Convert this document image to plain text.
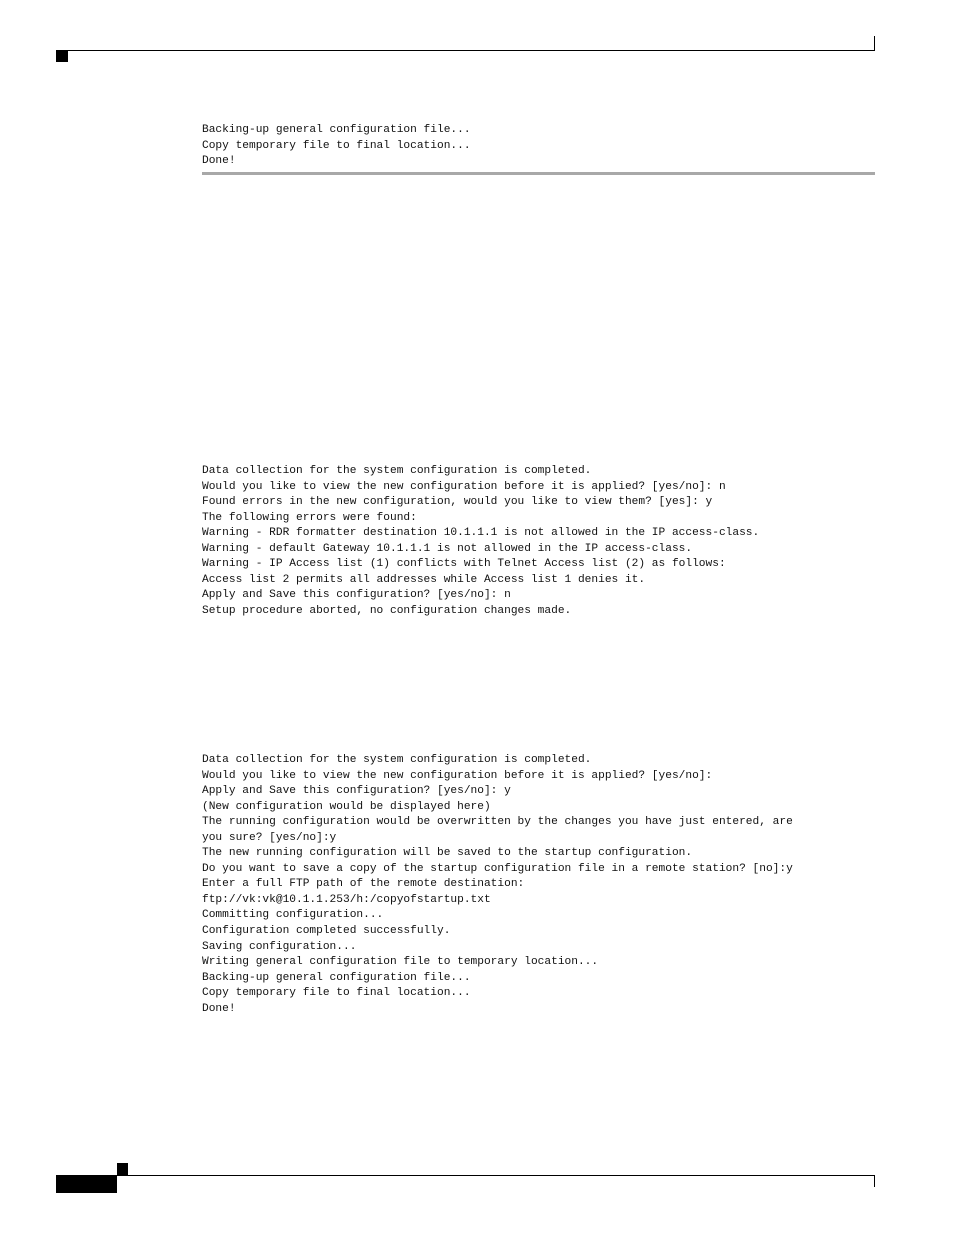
Backing-up general configuration file...
Copy temporary file to final location...
Done!
Data collection for the system configuration is completed.
Would you like to view the new configuration before it is applied? [yes/no]: n
Found errors in the new configuration, would you like to view them? [yes]: y
The following errors were found:
Warning - RDR formatter destination 10.1.1.1 is not allowed in the IP access-class.
Warning - default Gateway 10.1.1.1 is not allowed in the IP access-class.
Warning - IP Access list (1) conflicts with Telnet Access list (2) as follows:
Access list 2 permits all addresses while Access list 1 denies it.
Apply and Save this configuration? [yes/no]: n
Setup procedure aborted, no configuration changes made.
Data collection for the system configuration is completed.
Would you like to view the new configuration before it is applied? [yes/no]:
Apply and Save this configuration? [yes/no]: y
(New configuration would be displayed here)
The running configuration would be overwritten by the changes you have just entered, are
you sure? [yes/no]:y
The new running configuration will be saved to the startup configuration.
Do you want to save a copy of the startup configuration file in a remote station? [no]:y
Enter a full FTP path of the remote destination:
ftp://vk:vk@10.1.1.253/h:/copyofstartup.txt
Committing configuration...
Configuration completed successfully.
Saving configuration...
Writing general configuration file to temporary location...
Backing-up general configuration file...
Copy temporary file to final location...
Done!
